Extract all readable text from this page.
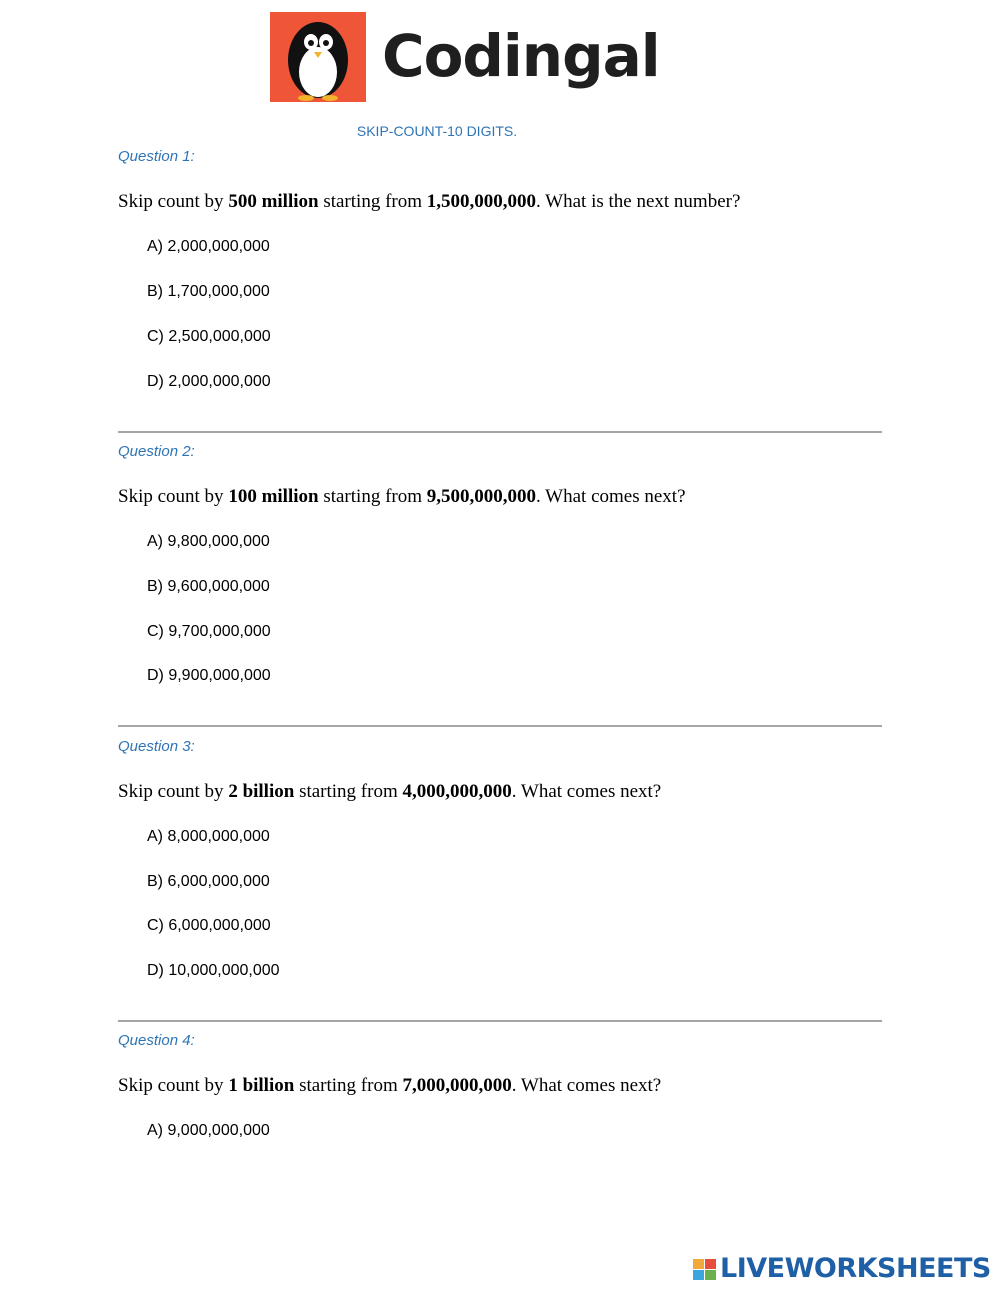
Codingal
SKIP-COUNT-10 DIGITS.
Question 1:
Skip count by 500 million starting from 1,500,000,000. What is the next number?
A) 2,000,000,000
B) 1,700,000,000
C) 2,500,000,000
D) 2,000,000,000
Question 2:
Skip count by 100 million starting from 9,500,000,000. What comes next?
A) 9,800,000,000
B) 9,600,000,000
C) 9,700,000,000
D) 9,900,000,000
Question 3:
Skip count by 2 billion starting from 4,000,000,000. What comes next?
A) 8,000,000,000
B) 6,000,000,000
C) 6,000,000,000
D) 10,000,000,000
Question 4:
Skip count by 1 billion starting from 7,000,000,000. What comes next?
A) 9,000,000,000
LIVEWORKSHEETS
